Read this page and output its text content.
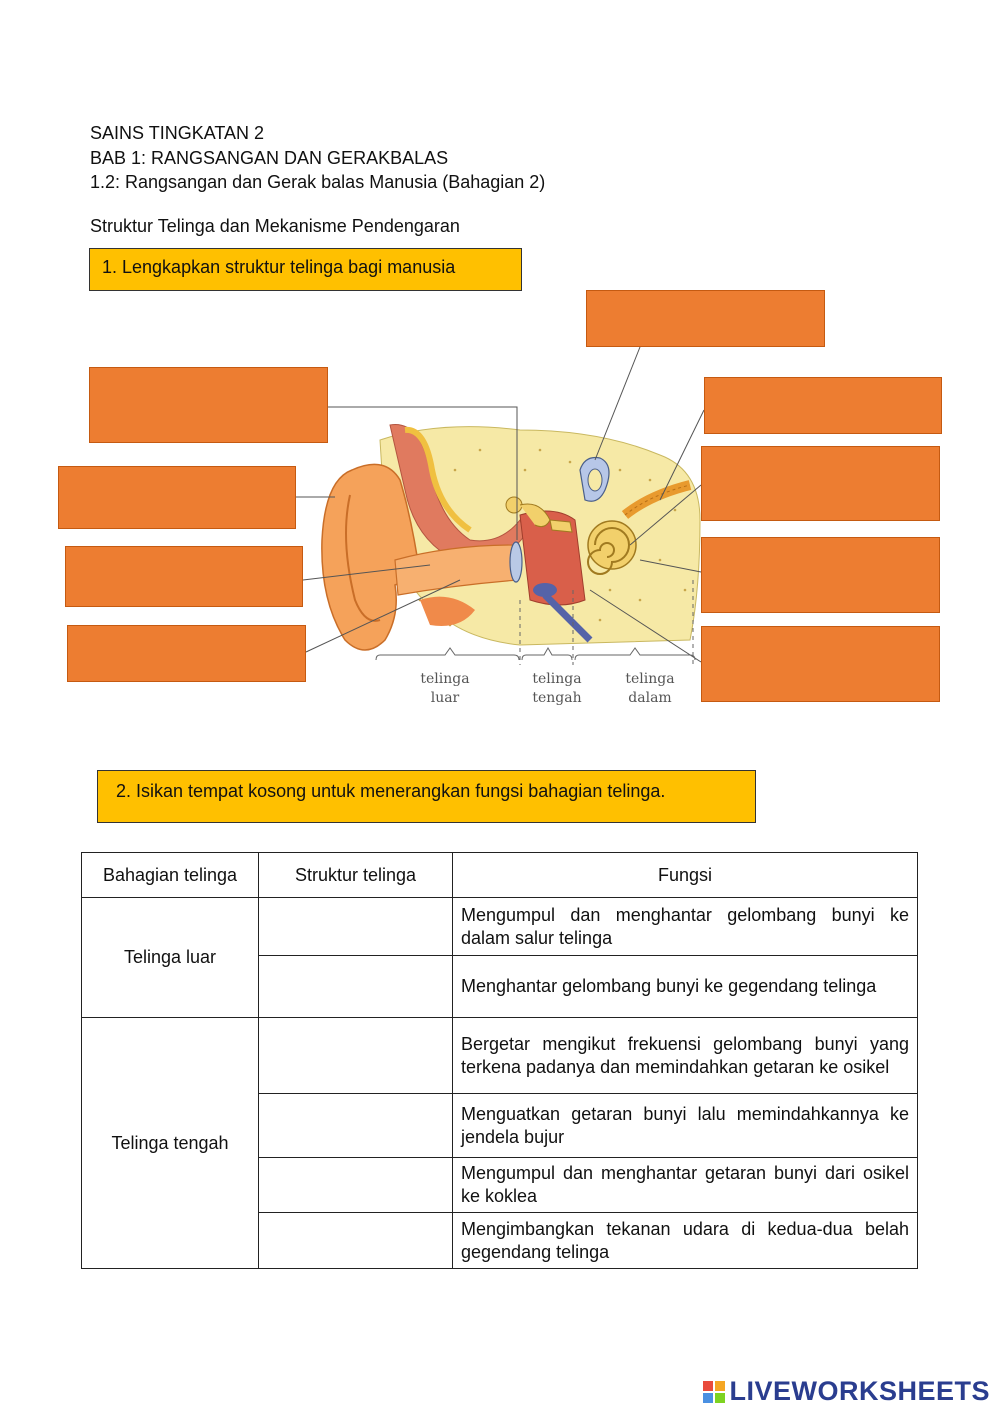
SAINS TINGKATAN 2
BAB 1: RANGSANGAN DAN GERAKBALAS
1.2: Rangsangan dan Gerak balas Manusia (Bahagian 2)
Struktur Telinga dan Mekanisme Pendengaran
1. Lengkapkan struktur telinga bagi manusia
telinga
luar
telinga
tengah
telinga
dalam
2. Isikan tempat kosong untuk menerangkan fungsi bahagian telinga.
Bahagian telinga	Struktur telinga	Fungsi
Telinga luar		Mengumpul dan menghantar gelombang bunyi ke dalam salur telinga
		Menghantar gelombang bunyi ke gegendang telinga
Telinga tengah		Bergetar mengikut frekuensi gelombang bunyi yang terkena padanya dan memindahkan getaran ke osikel
		Menguatkan getaran bunyi lalu memindahkannya ke jendela bujur
		Mengumpul dan menghantar getaran bunyi dari osikel ke koklea
		Mengimbangkan tekanan udara di kedua-dua belah gegendang telinga
LIVEWORKSHEETS
